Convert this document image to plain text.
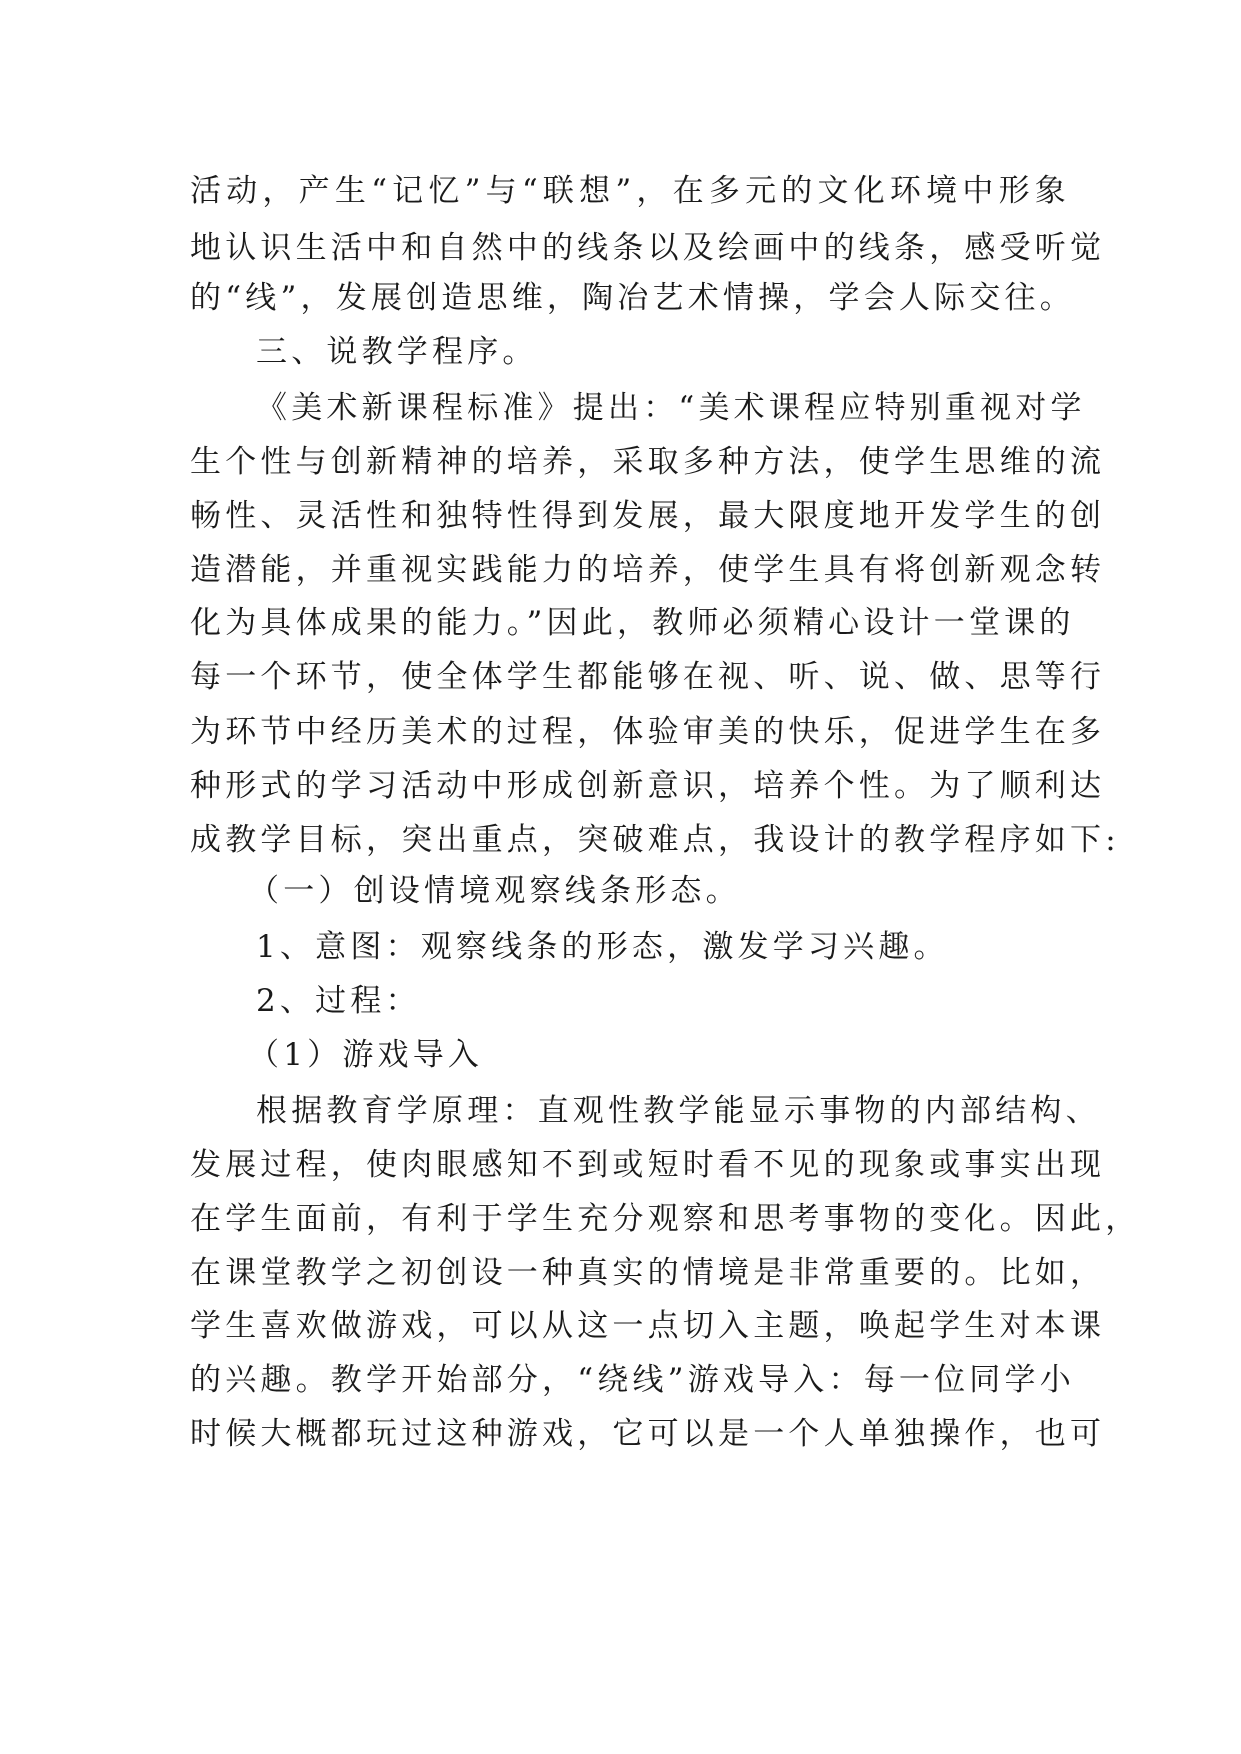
活动，产生“记忆”与“联想”，在多元的文化环境中形象
地认识生活中和自然中的线条以及绘画中的线条，感受听觉
的“线”，发展创造思维，陶冶艺术情操，学会人际交往。
三、说教学程序。
《美术新课程标准》提出：“美术课程应特别重视对学
生个性与创新精神的培养，采取多种方法，使学生思维的流
畅性、灵活性和独特性得到发展，最大限度地开发学生的创
造潜能，并重视实践能力的培养，使学生具有将创新观念转
化为具体成果的能力。”因此，教师必须精心设计一堂课的
每一个环节，使全体学生都能够在视、听、说、做、思等行
为环节中经历美术的过程，体验审美的快乐，促进学生在多
种形式的学习活动中形成创新意识，培养个性。为了顺利达
成教学目标，突出重点，突破难点，我设计的教学程序如下:
（一）创设情境观察线条形态。
1、意图：观察线条的形态，激发学习兴趣。
2、过程：
（1）游戏导入
根据教育学原理：直观性教学能显示事物的内部结构、
发展过程，使肉眼感知不到或短时看不见的现象或事实出现
在学生面前，有利于学生充分观察和思考事物的变化。因此，
在课堂教学之初创设一种真实的情境是非常重要的。比如，
学生喜欢做游戏，可以从这一点切入主题，唤起学生对本课
的兴趣。教学开始部分，“绕线”游戏导入：每一位同学小
时候大概都玩过这种游戏，它可以是一个人单独操作，也可
